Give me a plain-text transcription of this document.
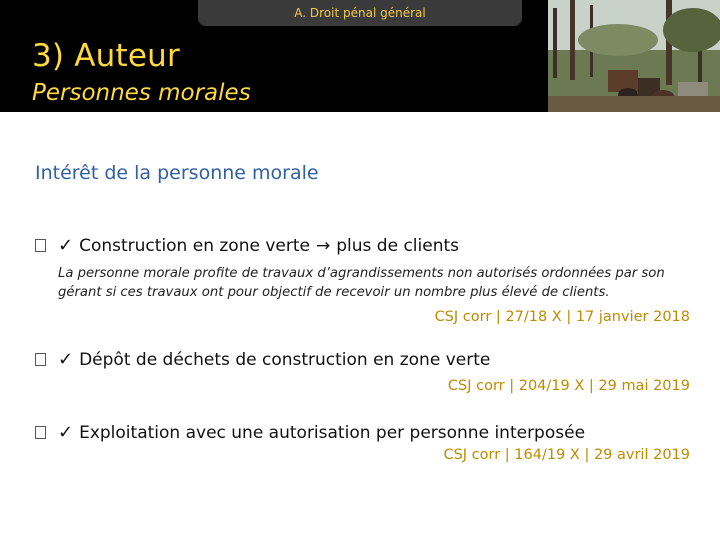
A. Droit pénal général
3) Auteur
Personnes morales
Intérêt de la personne morale
✓ Construction en zone verte → plus de clients
La personne morale profite de travaux d’agrandissements non autorisés ordonnées par son gérant si ces travaux ont pour objectif de recevoir un nombre plus élevé de clients.
CSJ corr | 27/18 X | 17 janvier 2018
✓ Dépôt de déchets de construction en zone verte
CSJ corr | 204/19 X | 29 mai 2019
✓ Exploitation avec une autorisation per personne interposée
CSJ corr | 164/19 X | 29 avril 2019
